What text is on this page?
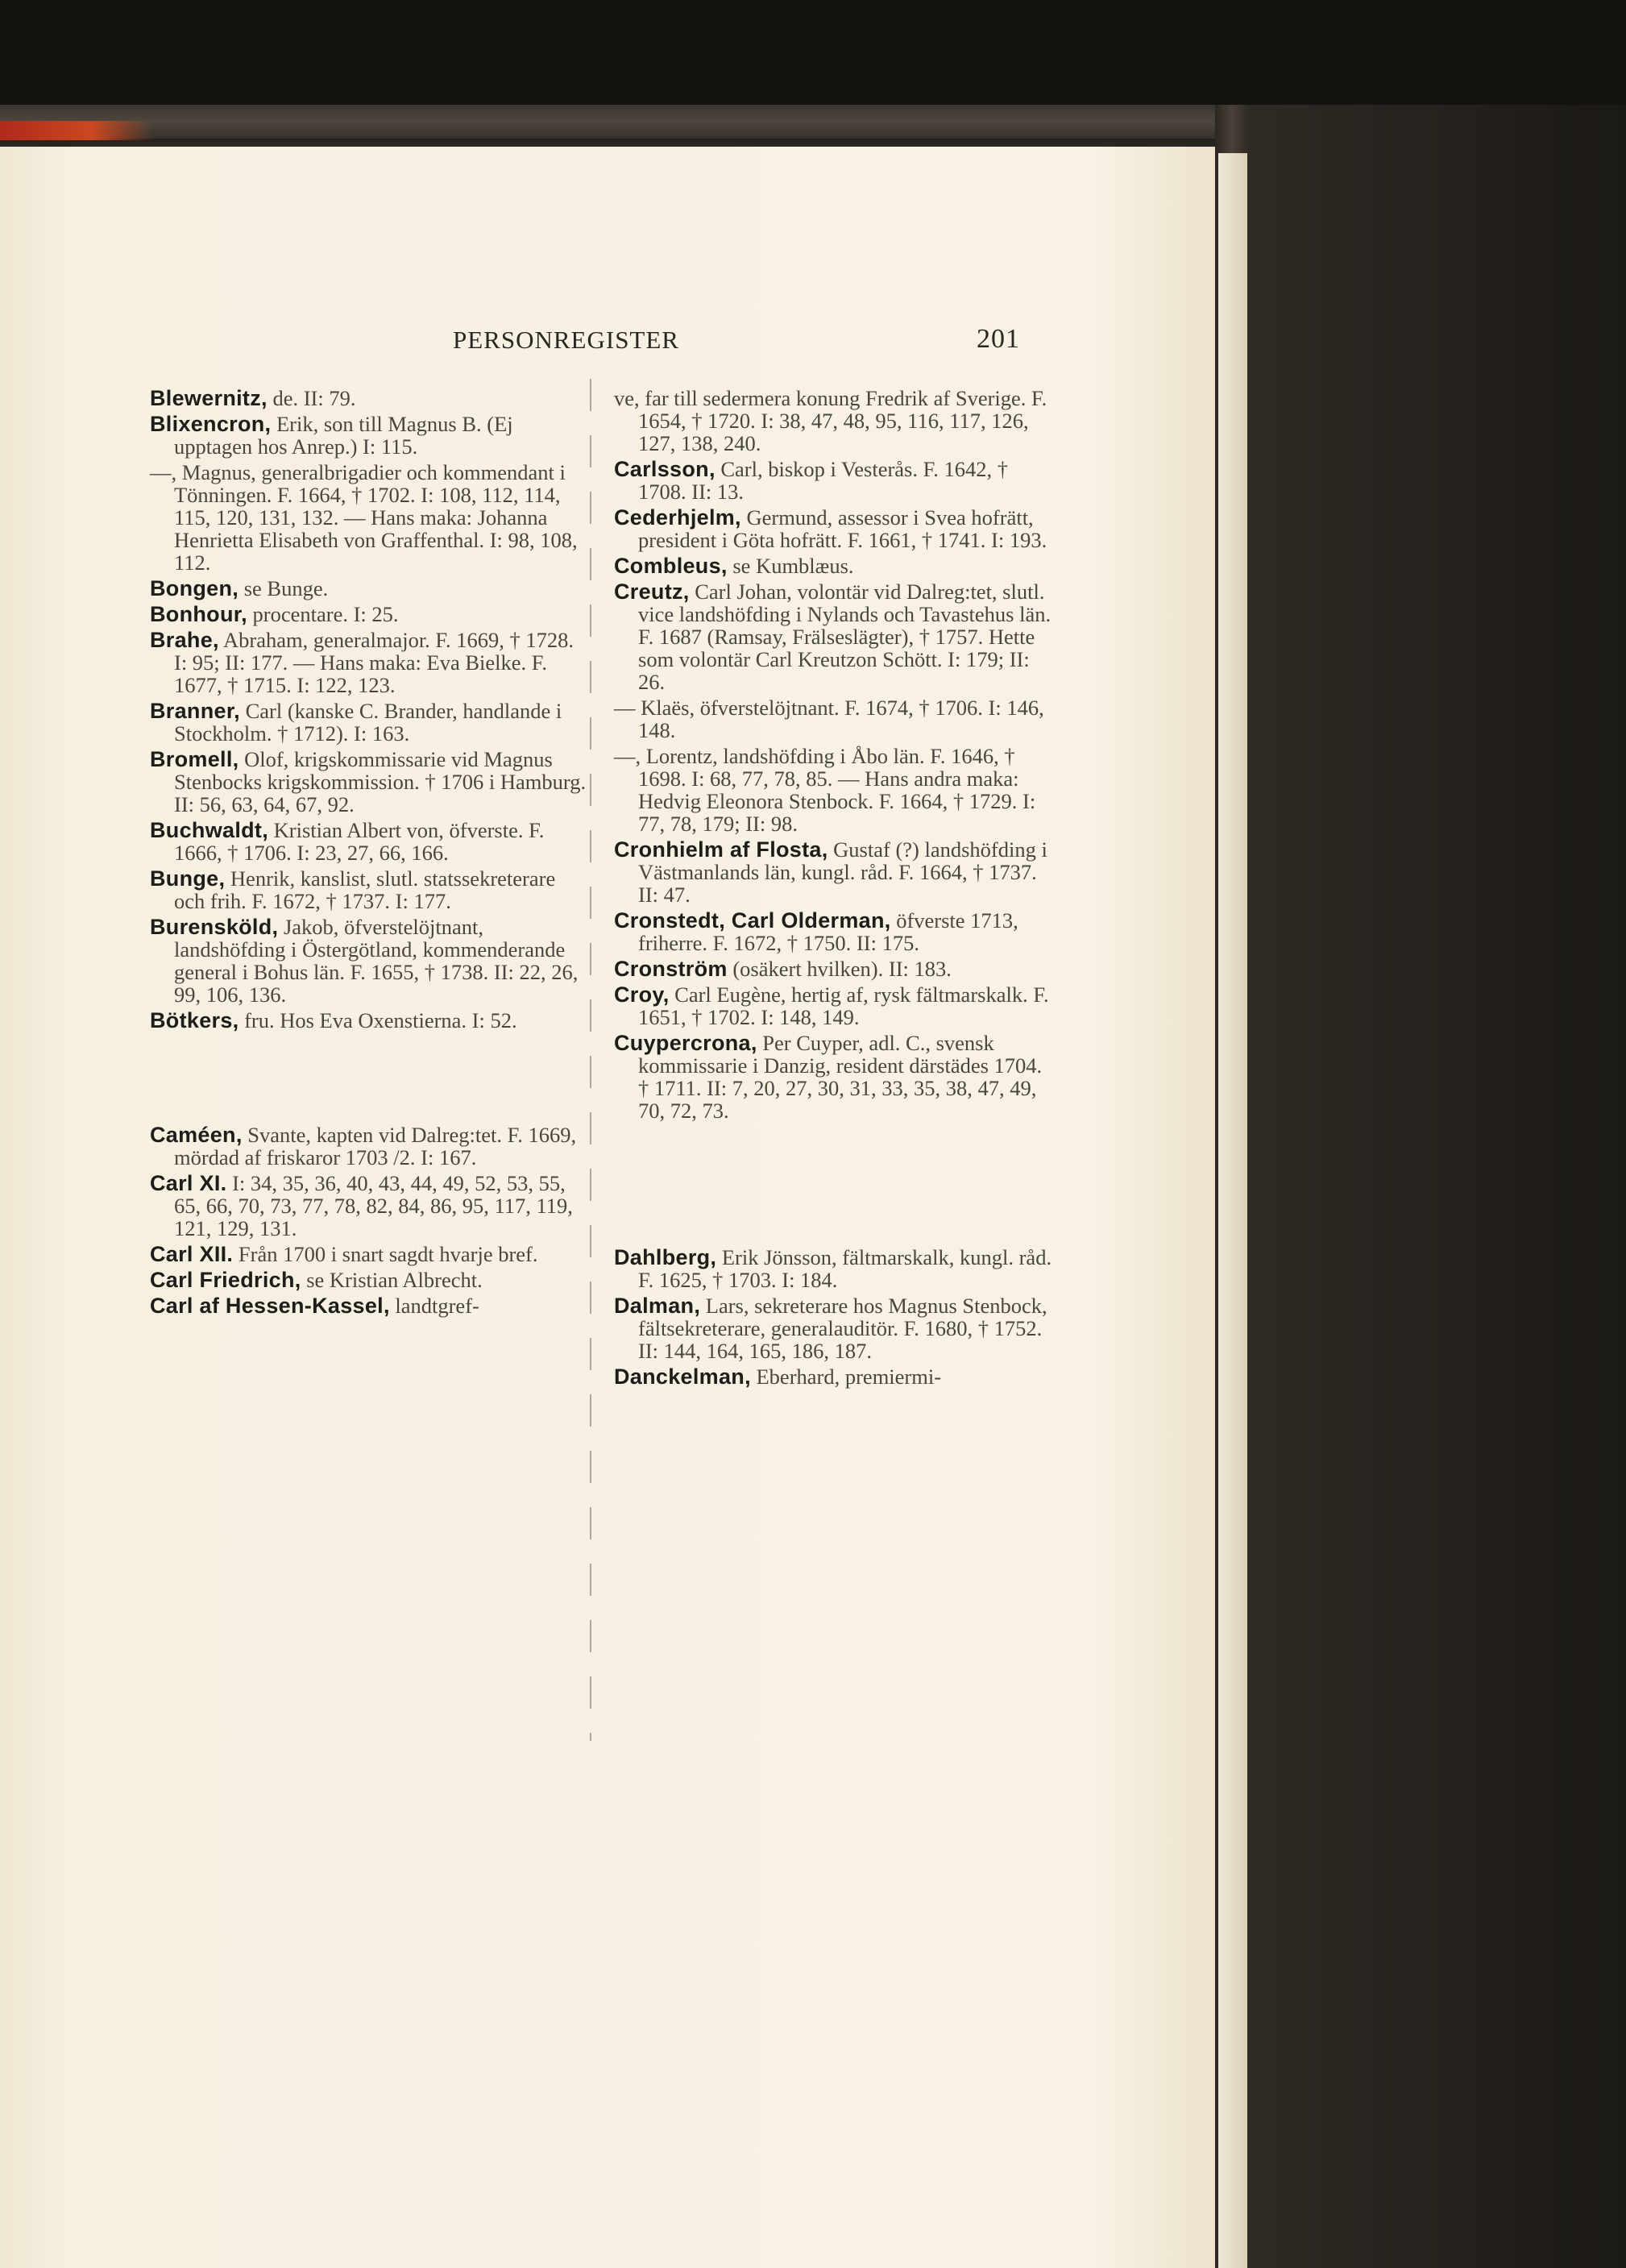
PERSONREGISTER	201
Blewernitz, de. II: 79.
Blixencron, Erik, son till Magnus B. (Ej upptagen hos Anrep.) I: 115.
—, Magnus, generalbrigadier och kommendant i Tönningen. F. 1664, † 1702. I: 108, 112, 114, 115, 120, 131, 132. — Hans maka: Johanna Henrietta Elisabeth von Graffenthal. I: 98, 108, 112.
Bongen, se Bunge.
Bonhour, procentare. I: 25.
Brahe, Abraham, generalmajor. F. 1669, † 1728. I: 95; II: 177. — Hans maka: Eva Bielke. F. 1677, † 1715. I: 122, 123.
Branner, Carl (kanske C. Brander, handlande i Stockholm. † 1712). I: 163.
Bromell, Olof, krigskommissarie vid Magnus Stenbocks krigskommission. † 1706 i Hamburg. II: 56, 63, 64, 67, 92.
Buchwaldt, Kristian Albert von, öfverste. F. 1666, † 1706. I: 23, 27, 66, 166.
Bunge, Henrik, kanslist, slutl. statssekreterare och frih. F. 1672, † 1737. I: 177.
Burensköld, Jakob, öfverstelöjtnant, landshöfding i Östergötland, kommenderande general i Bohus län. F. 1655, † 1738. II: 22, 26, 99, 106, 136.
Bötkers, fru. Hos Eva Oxenstierna. I: 52.
Caméen, Svante, kapten vid Dalreg:tet. F. 1669, mördad af friskaror 1703 /2. I: 167.
Carl XI. I: 34, 35, 36, 40, 43, 44, 49, 52, 53, 55, 65, 66, 70, 73, 77, 78, 82, 84, 86, 95, 117, 119, 121, 129, 131.
Carl XII. Från 1700 i snart sagdt hvarje bref.
Carl Friedrich, se Kristian Albrecht.
Carl af Hessen-Kassel, landtgref-
ve, far till sedermera konung Fredrik af Sverige. F. 1654, † 1720. I: 38, 47, 48, 95, 116, 117, 126, 127, 138, 240.
Carlsson, Carl, biskop i Vesterås. F. 1642, † 1708. II: 13.
Cederhjelm, Germund, assessor i Svea hofrätt, president i Göta hofrätt. F. 1661, † 1741. I: 193.
Combleus, se Kumblæus.
Creutz, Carl Johan, volontär vid Dalreg:tet, slutl. vice landshöfding i Nylands och Tavastehus län. F. 1687 (Ramsay, Frälseslägter), † 1757. Hette som volontär Carl Kreutzon Schött. I: 179; II: 26.
— Klaës, öfverstelöjtnant. F. 1674, † 1706. I: 146, 148.
—, Lorentz, landshöfding i Åbo län. F. 1646, † 1698. I: 68, 77, 78, 85. — Hans andra maka: Hedvig Eleonora Stenbock. F. 1664, † 1729. I: 77, 78, 179; II: 98.
Cronhielm af Flosta, Gustaf (?) landshöfding i Västmanlands län, kungl. råd. F. 1664, † 1737. II: 47.
Cronstedt, Carl Olderman, öfverste 1713, friherre. F. 1672, † 1750. II: 175.
Cronström (osäkert hvilken). II: 183.
Croy, Carl Eugène, hertig af, rysk fältmarskalk. F. 1651, † 1702. I: 148, 149.
Cuypercrona, Per Cuyper, adl. C., svensk kommissarie i Danzig, resident därstädes 1704. † 1711. II: 7, 20, 27, 30, 31, 33, 35, 38, 47, 49, 70, 72, 73.
Dahlberg, Erik Jönsson, fältmarskalk, kungl. råd. F. 1625, † 1703. I: 184.
Dalman, Lars, sekreterare hos Magnus Stenbock, fältsekreterare, generalauditör. F. 1680, † 1752. II: 144, 164, 165, 186, 187.
Danckelman, Eberhard, premiermi-
